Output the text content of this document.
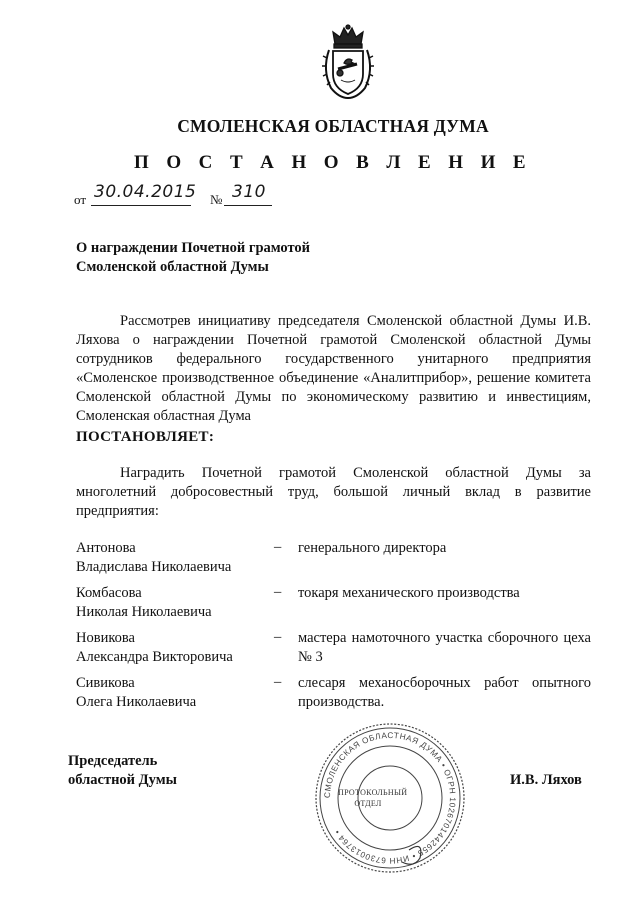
СМОЛЕНСКАЯ ОБЛАСТНАЯ ДУМА
П О С Т А Н О В Л Е Н И Е
от 30.04.2015 № 310
О награждении Почетной грамотой
Смоленской областной Думы
Рассмотрев инициативу председателя Смоленской областной Думы И.В. Ляхова о награждении Почетной грамотой Смоленской областной Думы сотрудников федерального государственного унитарного предприятия «Смоленское производственное объединение «Аналитприбор», решение комитета Смоленской областной Думы по экономическому развитию и инвестициям, Смоленская областная Дума
ПОСТАНОВЛЯЕТ:
Наградить Почетной грамотой Смоленской областной Думы за многолетний добросовестный труд, большой личный вклад в развитие предприятия:
Антонова
Владислава Николаевича
– генерального директора
Комбасова
Николая Николаевича
– токаря механического производства
Новикова
Александра Викторовича
– мастера намоточного участка сборочного цеха № 3
Сивикова
Олега Николаевича
– слесаря механосборочных работ опытного производства.
Председатель
областной Думы
СМОЛЕНСКАЯ ОБЛАСТНАЯ ДУМА • ОГРН 1026701442655 • ИНН 6730013764 •
ПРОТОКОЛЬНЫЙ
ОТДЕЛ
И.В. Ляхов
